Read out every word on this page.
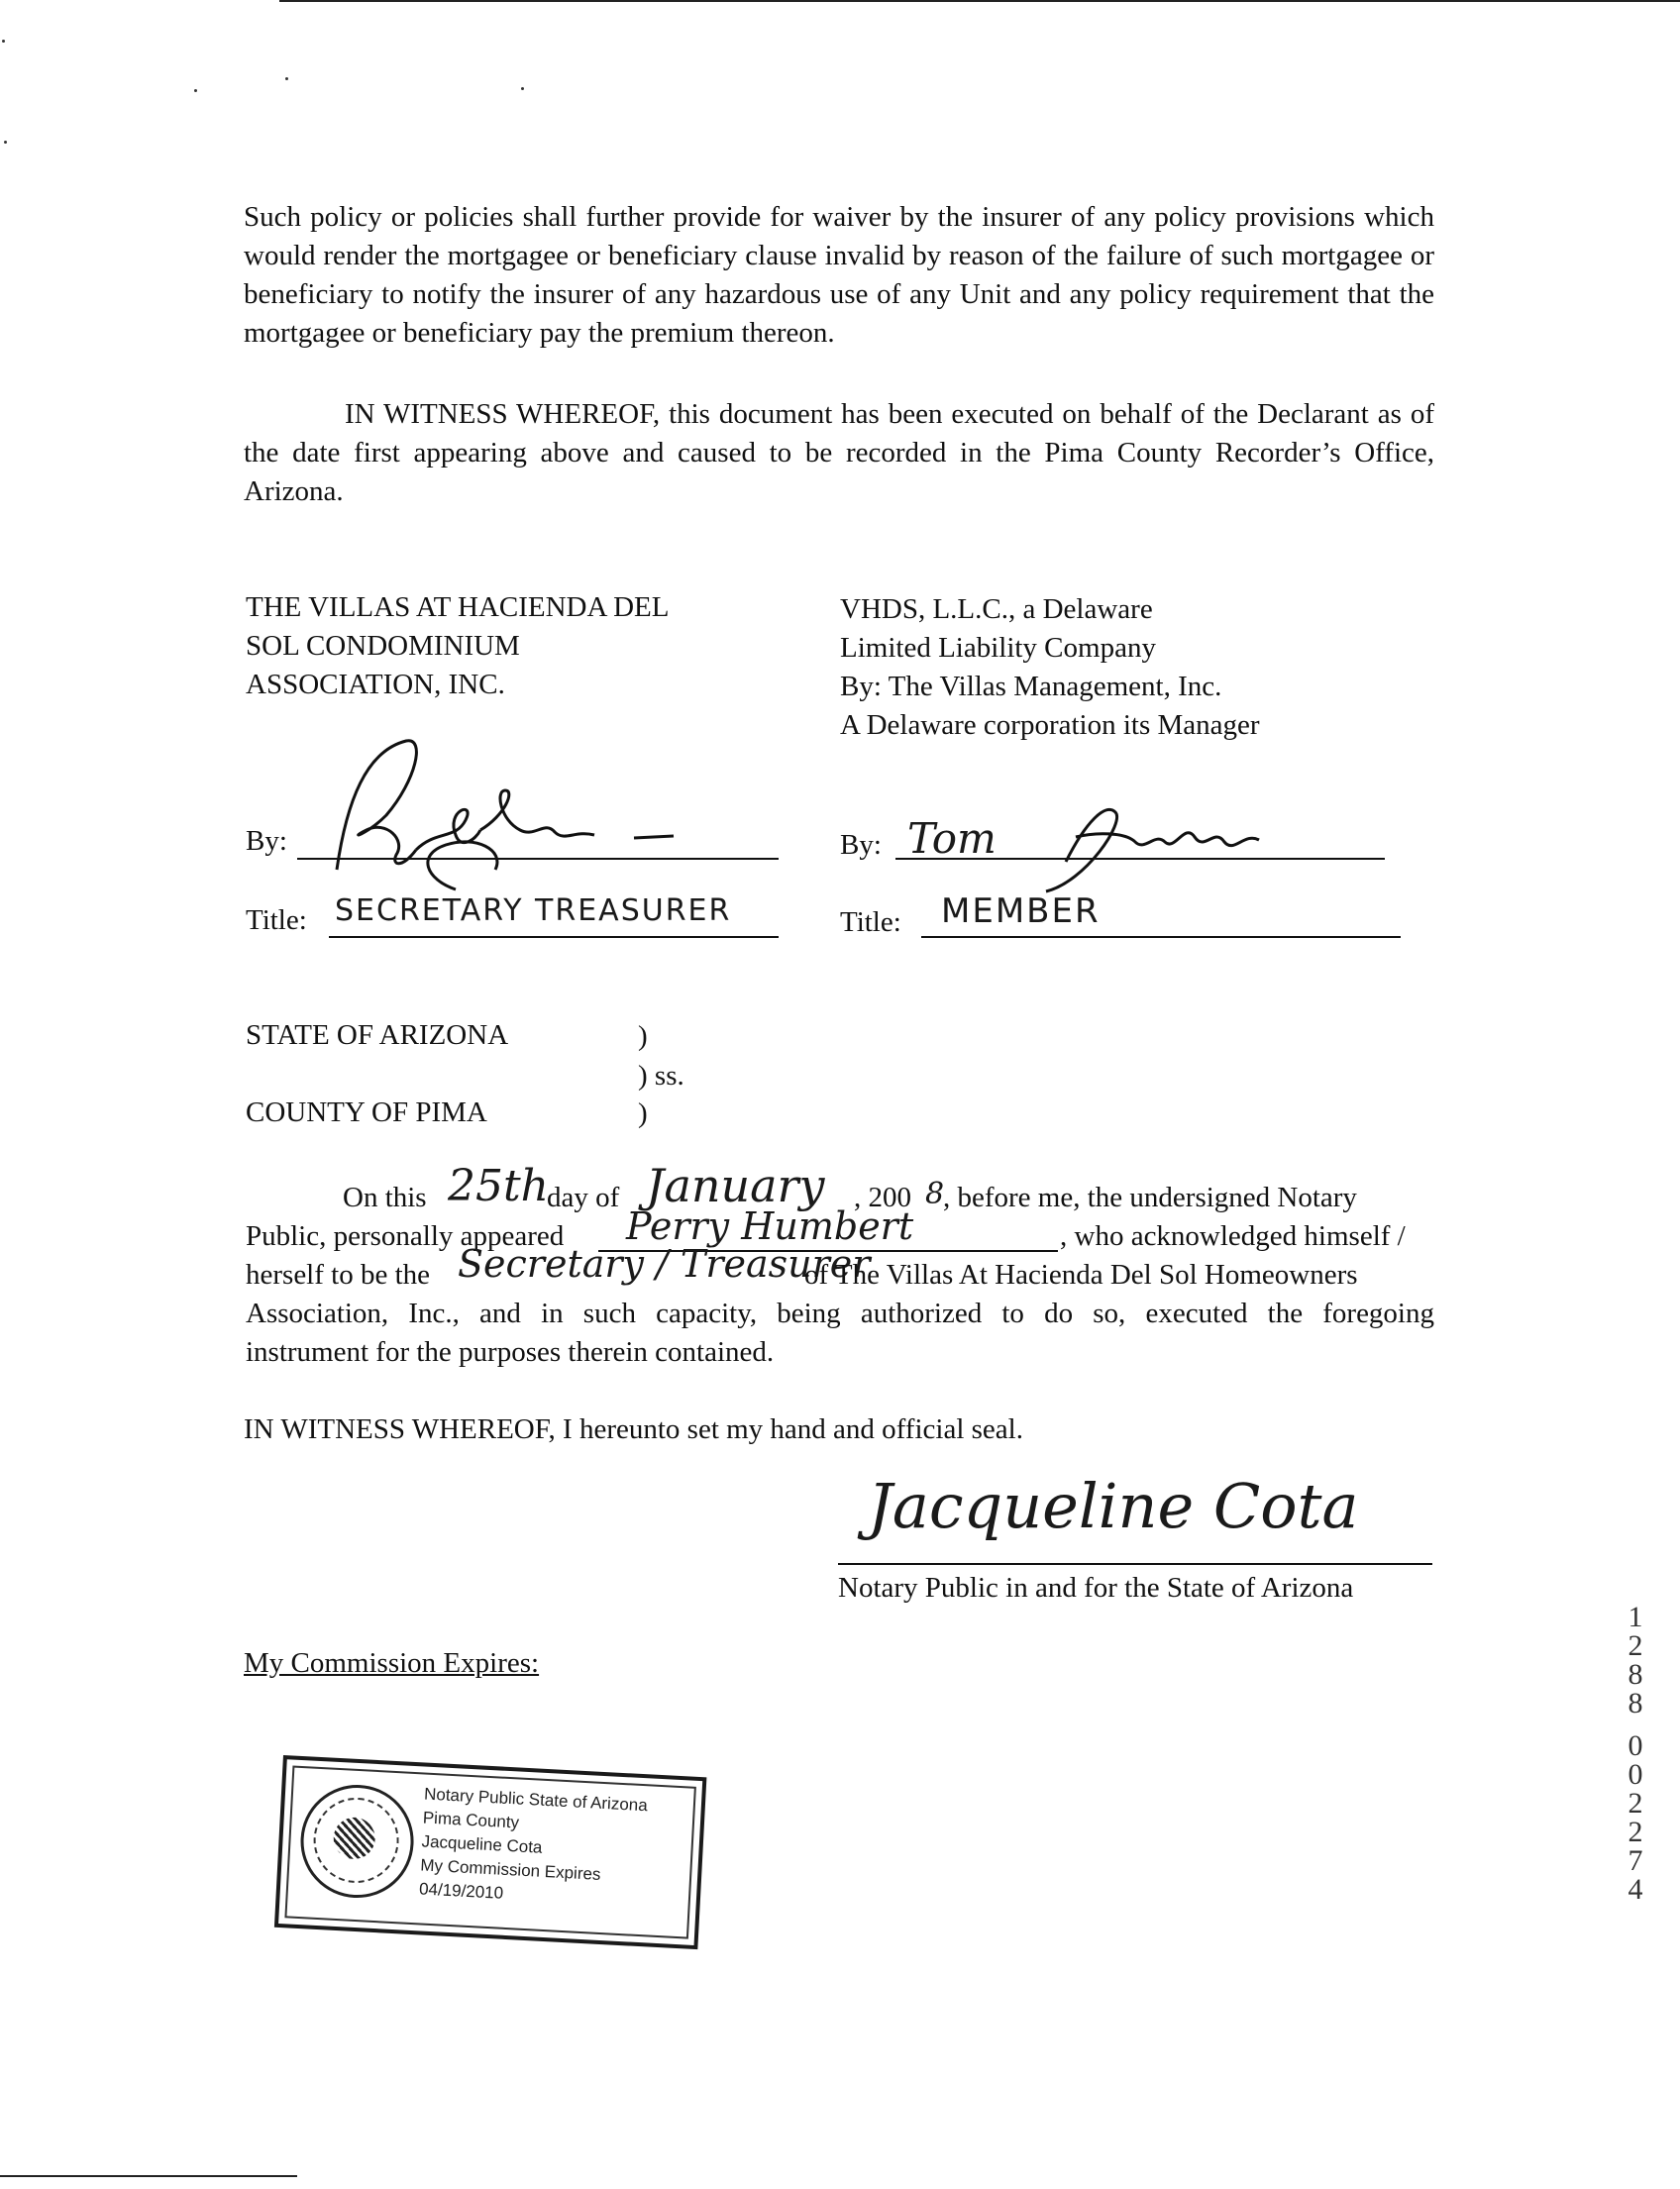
Such policy or policies shall further provide for waiver by the insurer of any policy provisions which would render the mortgagee or beneficiary clause invalid by reason of the failure of such mortgagee or beneficiary to notify the insurer of any hazardous use of any Unit and any policy requirement that the mortgagee or beneficiary pay the premium thereon.

IN WITNESS WHEREOF, this document has been executed on behalf of the Declarant as of the date first appearing above and caused to be recorded in the Pima County Recorder’s Office, Arizona.

THE VILLAS AT HACIENDA DEL
SOL CONDOMINIUM
ASSOCIATION, INC.
VHDS, L.L.C., a Delaware
Limited Liability Company
By: The Villas Management, Inc.
A Delaware corporation its Manager
By:
Title: SECRETARY TREASURER
By: Tom
Title: MEMBER
STATE OF ARIZONA
COUNTY OF PIMA
)
) ss.
)
On this 25th
day of January , 200 8
, before me, the undersigned Notary
Public, personally appeared Perry Humbert	, who acknowledged himself /
herself to be the Secretary / Treasurer
of The Villas At Hacienda Del Sol Homeowners
Association, Inc., and in such capacity, being authorized to do so, executed the foregoing
instrument for the purposes therein contained.
IN WITNESS WHEREOF, I hereunto set my hand and official seal.
Jacqueline Cota
Notary Public in and for the State of Arizona
My Commission Expires:
Notary Public State of Arizona
Pima County
Jacqueline Cota
My Commission Expires
04/19/2010
1
2
8
8
0
0
2
2
7
4
